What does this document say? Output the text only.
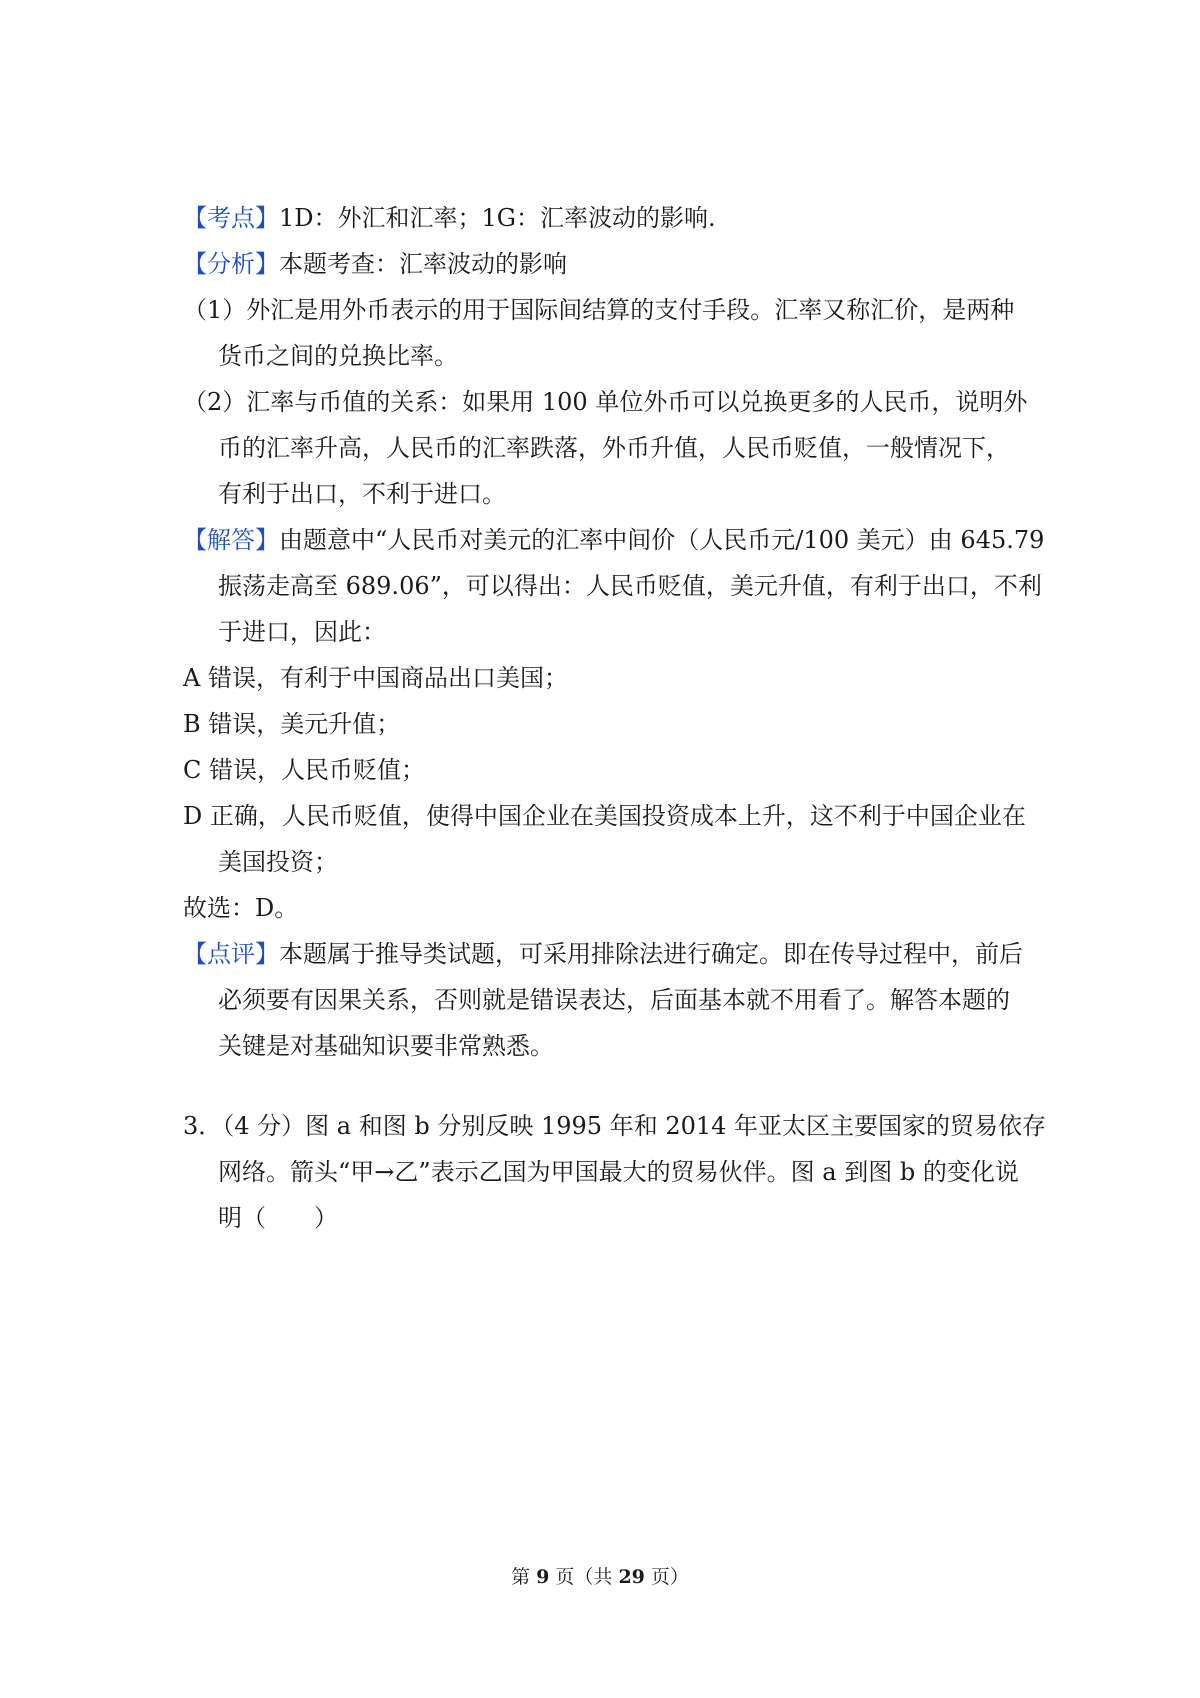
【考点】1D：外汇和汇率；1G：汇率波动的影响.
【分析】本题考查：汇率波动的影响
（1）外汇是用外币表示的用于国际间结算的支付手段。汇率又称汇价，是两种
货币之间的兑换比率。
（2）汇率与币值的关系：如果用 100 单位外币可以兑换更多的人民币，说明外
币的汇率升高，人民币的汇率跌落，外币升值，人民币贬值，一般情况下，
有利于出口，不利于进口。
【解答】由题意中“人民币对美元的汇率中间价（人民币元/100 美元）由 645.79
振荡走高至 689.06”，可以得出：人民币贬值，美元升值，有利于出口，不利
于进口，因此：
A 错误，有利于中国商品出口美国；
B 错误，美元升值；
C 错误，人民币贬值；
D 正确，人民币贬值，使得中国企业在美国投资成本上升，这不利于中国企业在
美国投资；
故选：D。
【点评】本题属于推导类试题，可采用排除法进行确定。即在传导过程中，前后
必须要有因果关系，否则就是错误表达，后面基本就不用看了。解答本题的
关键是对基础知识要非常熟悉。
3．（4 分）图 a 和图 b 分别反映 1995 年和 2014 年亚太区主要国家的贸易依存
网络。箭头“甲→乙”表示乙国为甲国最大的贸易伙伴。图 a 到图 b 的变化说
明（　　）
第 9 页（共 29 页）
